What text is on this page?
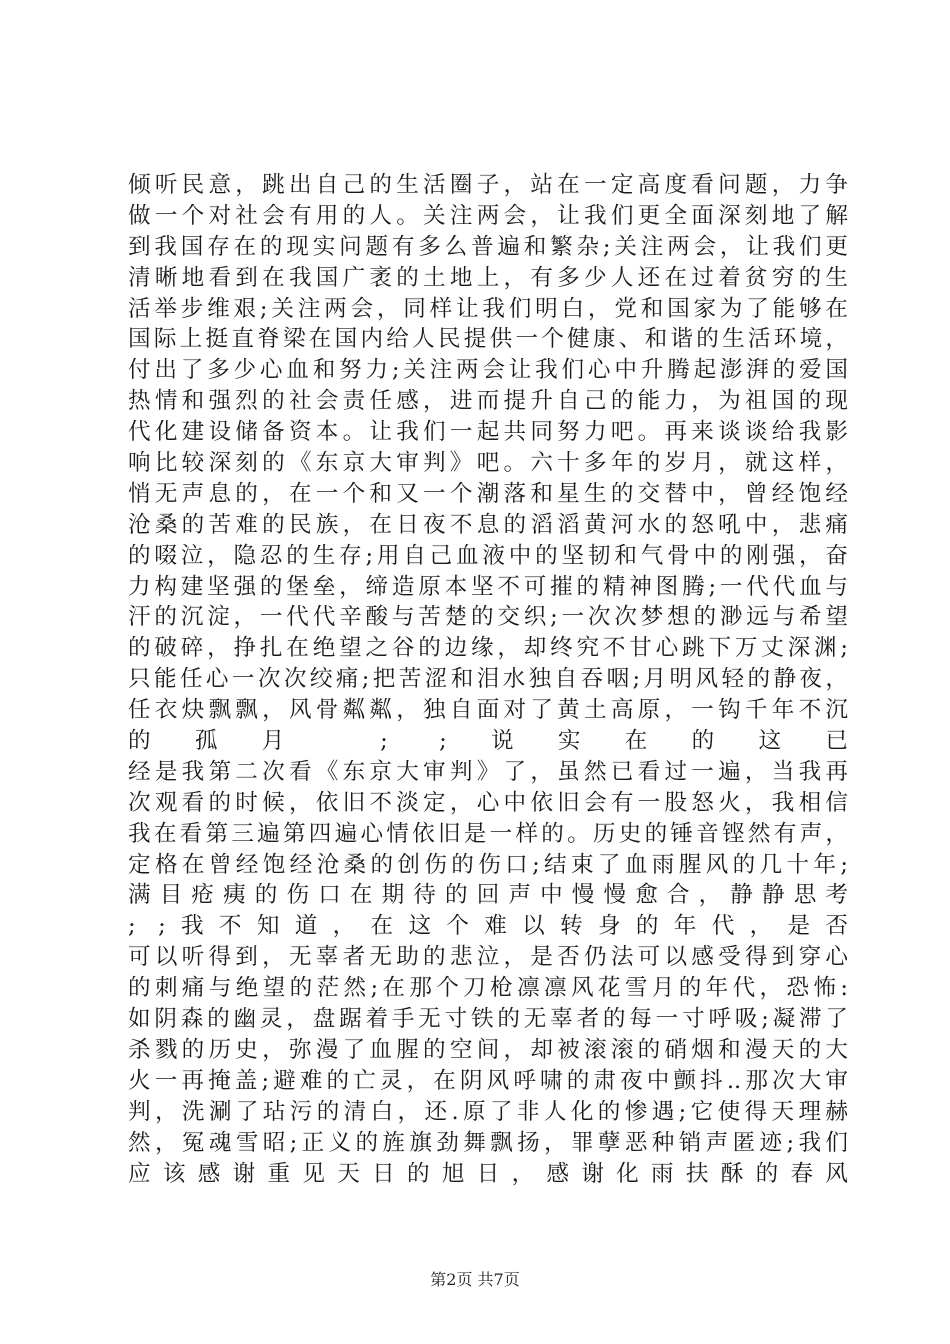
倾听民意，跳出自己的生活圈子，站在一定高度看问题，力争
做一个对社会有用的人。关注两会，让我们更全面深刻地了解
到我国存在的现实问题有多么普遍和繁杂;关注两会，让我们更
清晰地看到在我国广袤的土地上，有多少人还在过着贫穷的生
活举步维艰;关注两会，同样让我们明白，党和国家为了能够在
国际上挺直脊梁在国内给人民提供一个健康、和谐的生活环境，
付出了多少心血和努力;关注两会让我们心中升腾起澎湃的爱国
热情和强烈的社会责任感，进而提升自己的能力，为祖国的现
代化建设储备资本。让我们一起共同努力吧。再来谈谈给我影
响比较深刻的《东京大审判》吧。六十多年的岁月，就这样，
悄无声息的，在一个和又一个潮落和星生的交替中，曾经饱经
沧桑的苦难的民族，在日夜不息的滔滔黄河水的怒吼中，悲痛
的啜泣，隐忍的生存;用自己血液中的坚韧和气骨中的刚强，奋
力构建坚强的堡垒，缔造原本坚不可摧的精神图腾;一代代血与
汗的沉淀，一代代辛酸与苦楚的交织;一次次梦想的渺远与希望
的破碎，挣扎在绝望之谷的边缘，却终究不甘心跳下万丈深渊;
只能任心一次次绞痛;把苦涩和泪水独自吞咽;月明风轻的静夜，
任衣炔飘飘，风骨粼粼，独自面对了黄土高原，一钩千年不沉
的孤月 ; ;说实在的这已
经是我第二次看《东京大审判》了，虽然已看过一遍，当我再
次观看的时候，依旧不淡定，心中依旧会有一股怒火，我相信
我在看第三遍第四遍心情依旧是一样的。历史的锤音铿然有声，
定格在曾经饱经沧桑的创伤的伤口;结束了血雨腥风的几十年;
满目疮痍的伤口在期待的回声中慢慢愈合，静静思考
; ;我不知道，在这个难以转身的年代，是否
可以听得到，无辜者无助的悲泣，是否仍法可以感受得到穿心
的刺痛与绝望的茫然;在那个刀枪凛凛风花雪月的年代，恐怖:
如阴森的幽灵，盘踞着手无寸铁的无辜者的每一寸呼吸;凝滞了
杀戮的历史，弥漫了血腥的空间，却被滚滚的硝烟和漫天的大
火一再掩盖;避难的亡灵，在阴风呼啸的肃夜中颤抖..那次大审
判，洗涮了玷污的清白，还.原了非人化的惨遇;它使得天理赫
然，冤魂雪昭;正义的旌旗劲舞飘扬，罪孽恶种销声匿迹;我们
应该感谢重见天日的旭日，感谢化雨扶酥的春风
第2页 共7页
